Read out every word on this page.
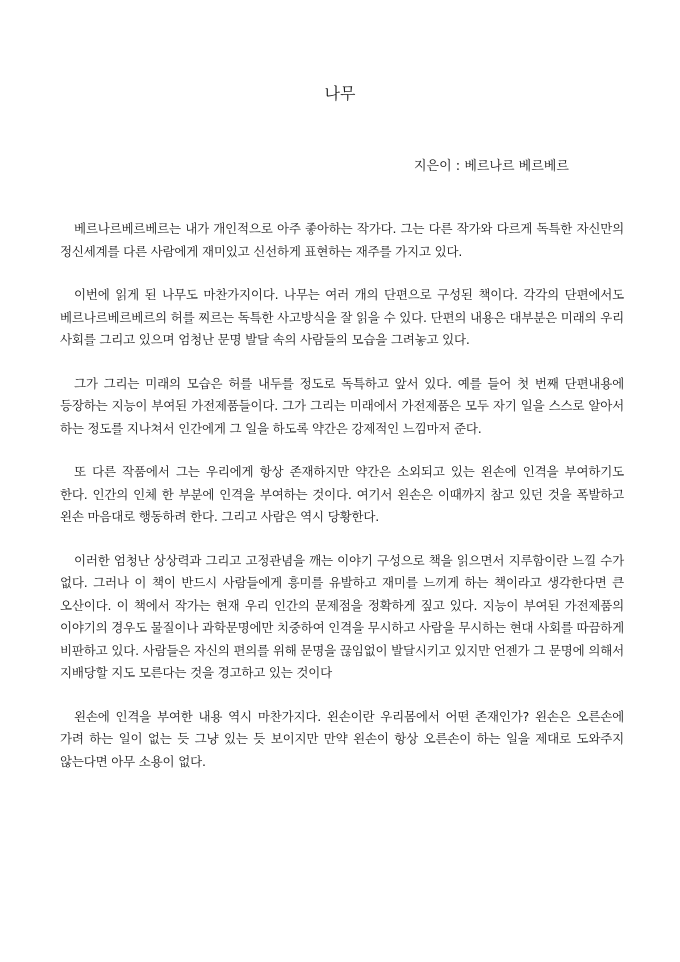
나무
지은이 : 베르나르 베르베르

베르나르베르베르는 내가 개인적으로 아주 좋아하는 작가다. 그는 다른 작가와 다르게 독특한 자신만의 정신세계를 다른 사람에게 재미있고 신선하게 표현하는 재주를 가지고 있다.

이번에 읽게 된 나무도 마찬가지이다. 나무는 여러 개의 단편으로 구성된 책이다. 각각의 단편에서도 베르나르베르베르의 허를 찌르는 독특한 사고방식을 잘 읽을 수 있다. 단편의 내용은 대부분은 미래의 우리 사회를 그리고 있으며 엄청난 문명 발달 속의 사람들의 모습을 그려놓고 있다.

그가 그리는 미래의 모습은 허를 내두를 정도로 독특하고 앞서 있다. 예를 들어 첫 번째 단편내용에 등장하는 지능이 부여된 가전제품들이다. 그가 그리는 미래에서 가전제품은 모두 자기 일을 스스로 알아서 하는 정도를 지나쳐서 인간에게 그 일을 하도록 약간은 강제적인 느낌마저 준다.

또 다른 작품에서 그는 우리에게 항상 존재하지만 약간은 소외되고 있는 왼손에 인격을 부여하기도 한다. 인간의 인체 한 부분에 인격을 부여하는 것이다. 여기서 왼손은 이때까지 참고 있던 것을 폭발하고 왼손 마음대로 행동하려 한다. 그리고 사람은 역시 당황한다.

이러한 엄청난 상상력과 그리고 고정관념을 깨는 이야기 구성으로 책을 읽으면서 지루함이란 느낄 수가 없다. 그러나 이 책이 반드시 사람들에게 흥미를 유발하고 재미를 느끼게 하는 책이라고 생각한다면 큰 오산이다. 이 책에서 작가는 현재 우리 인간의 문제점을 정확하게 짚고 있다. 지능이 부여된 가전제품의 이야기의 경우도 물질이나 과학문명에만 치중하여 인격을 무시하고 사람을 무시하는 현대 사회를 따끔하게 비판하고 있다. 사람들은 자신의 편의를 위해 문명을 끊임없이 발달시키고 있지만 언젠가 그 문명에 의해서 지배당할 지도 모른다는 것을 경고하고 있는 것이다

왼손에 인격을 부여한 내용 역시 마찬가지다. 왼손이란 우리몸에서 어떤 존재인가? 왼손은 오른손에 가려 하는 일이 없는 듯 그냥 있는 듯 보이지만 만약 왼손이 항상 오른손이 하는 일을 제대로 도와주지 않는다면 아무 소용이 없다.
